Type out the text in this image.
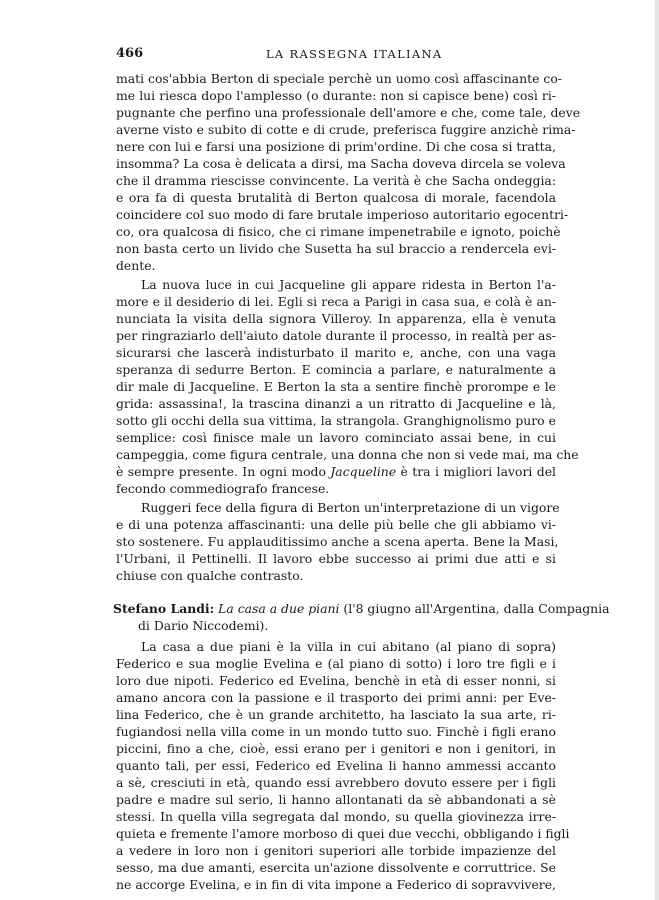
466	LA RASSEGNA ITALIANA
mati cos'abbia Berton di speciale perchè un uomo così affascinante co-
me lui riesca dopo l'amplesso (o durante: non si capisce bene) così ri-
pugnante che perfino una professionale dell'amore e che, come tale, deve
averne visto e subito di cotte e di crude, preferisca fuggire anzichè rima-
nere con lui e farsi una posizione di prim'ordine. Di che cosa si tratta,
insomma? La cosa è delicata a dirsi, ma Sacha doveva dircela se voleva
che il dramma riescisse convincente. La verità è che Sacha ondeggia:
e ora fa di questa brutalità di Berton qualcosa di morale, facendola
coincidere col suo modo di fare brutale imperioso autoritario egocentri-
co, ora qualcosa di fisico, che ci rimane impenetrabile e ignoto, poichè
non basta certo un livido che Susetta ha sul braccio a rendercela evi-
dente.
La nuova luce in cui Jacqueline gli appare ridesta in Berton l'a-
more e il desiderio di lei. Egli si reca a Parigi in casa sua, e colà è an-
nunciata la visita della signora Villeroy. In apparenza, ella è venuta
per ringraziarlo dell'aiuto datole durante il processo, in realtà per as-
sicurarsi che lascerà indisturbato il marito e, anche, con una vaga
speranza di sedurre Berton. E comincia a parlare, e naturalmente a
dir male di Jacqueline. E Berton la sta a sentire finchè prorompe e le
grida: assassina!, la trascina dinanzi a un ritratto di Jacqueline e là,
sotto gli occhi della sua vittima, la strangola. Granghignolismo puro e
semplice: così finisce male un lavoro cominciato assai bene, in cui
campeggia, come figura centrale, una donna che non si vede mai, ma che
è sempre presente. In ogni modo Jacqueline è tra i migliori lavori del
fecondo commediografo francese.
Ruggeri fece della figura di Berton un'interpretazione di un vigore
e di una potenza affascinanti: una delle più belle che gli abbiamo vi-
sto sostenere. Fu applauditissimo anche a scena aperta. Bene la Masi,
l'Urbani, il Pettinelli. Il lavoro ebbe successo ai primi due atti e si
chiuse con qualche contrasto.
Stefano Landi: La casa a due piani (l'8 giugno all'Argentina, dalla Compagnia
di Dario Niccodemi).
La casa a due piani è la villa in cui abitano (al piano di sopra)
Federico e sua moglie Evelina e (al piano di sotto) i loro tre figli e i
loro due nipoti. Federico ed Evelina, benchè in età di esser nonni, si
amano ancora con la passione e il trasporto dei primi anni: per Eve-
lina Federico, che è un grande architetto, ha lasciato la sua arte, ri-
fugiandosi nella villa come in un mondo tutto suo. Finchè i figli erano
piccini, fino a che, cioè, essi erano per i genitori e non i genitori, in
quanto tali, per essi, Federico ed Evelina li hanno ammessi accanto
a sè, cresciuti in età, quando essi avrebbero dovuto essere per i figli
padre e madre sul serio, li hanno allontanati da sè abbandonati a sè
stessi. In quella villa segregata dal mondo, su quella giovinezza irre-
quieta e fremente l'amore morboso di quei due vecchi, obbligando i figli
a vedere in loro non i genitori superiori alle torbide impazienze del
sesso, ma due amanti, esercita un'azione dissolvente e corruttrice. Se
ne accorge Evelina, e in fin di vita impone a Federico di sopravvivere,
